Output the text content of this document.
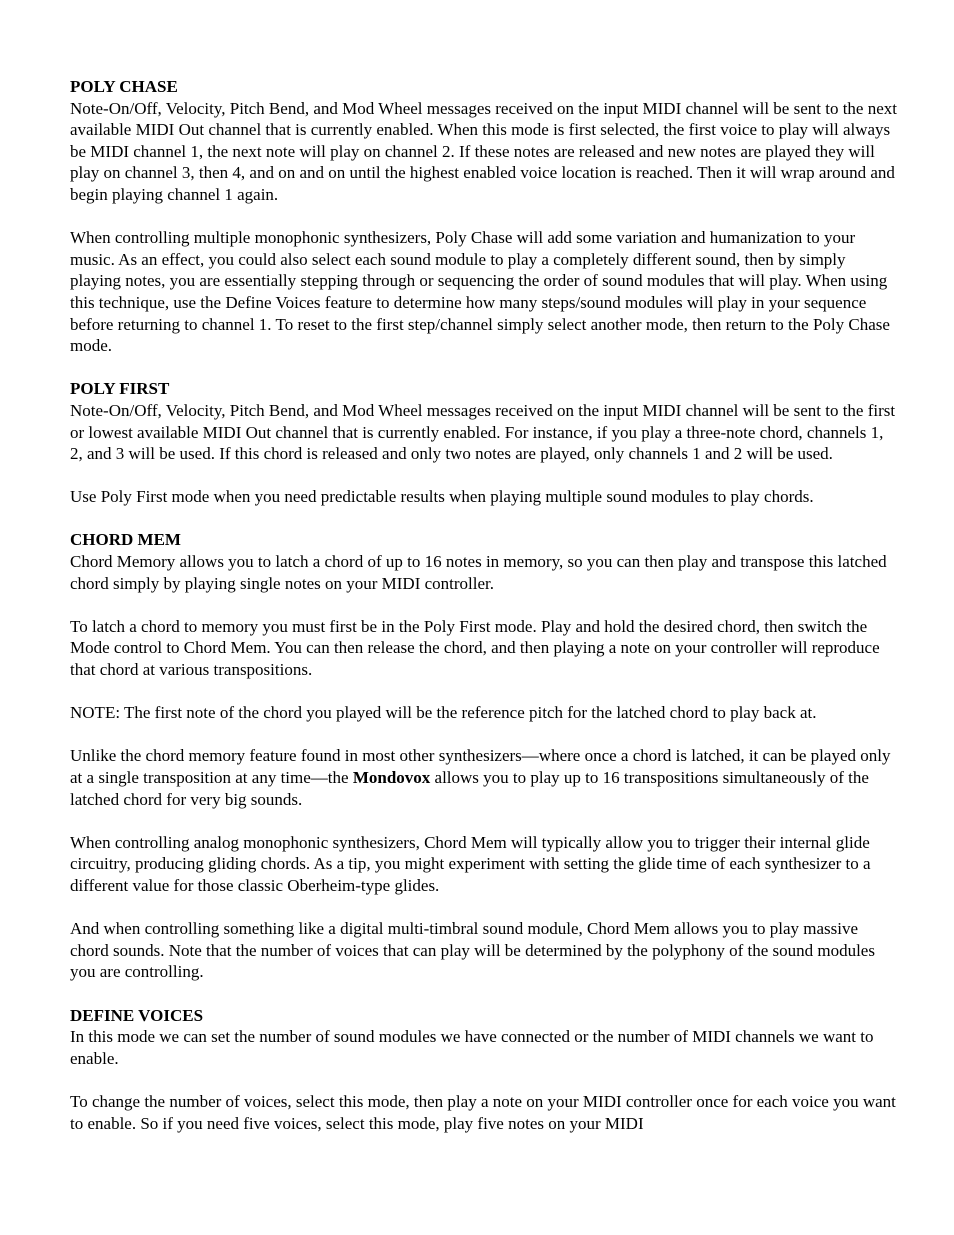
POLY CHASE

Note-On/Off, Velocity, Pitch Bend, and Mod Wheel messages received on the input MIDI channel will be sent to the next available MIDI Out channel that is currently enabled. When this mode is first selected, the first voice to play will always be MIDI channel 1, the next note will play on channel 2. If these notes are released and new notes are played they will play on channel 3, then 4, and on and on until the highest enabled voice location is reached. Then it will wrap around and begin playing channel 1 again.

When controlling multiple monophonic synthesizers, Poly Chase will add some variation and humanization to your music. As an effect, you could also select each sound module to play a completely different sound, then by simply playing notes, you are essentially stepping through or sequencing the order of sound modules that will play. When using this technique, use the Define Voices feature to determine how many steps/sound modules will play in your sequence before returning to channel 1. To reset to the first step/channel simply select another mode, then return to the Poly Chase mode.

POLY FIRST

Note-On/Off, Velocity, Pitch Bend, and Mod Wheel messages received on the input MIDI channel will be sent to the first or lowest available MIDI Out channel that is currently enabled. For instance, if you play a three-note chord, channels 1, 2, and 3 will be used. If this chord is released and only two notes are played, only channels 1 and 2 will be used.

Use Poly First mode when you need predictable results when playing multiple sound modules to play chords.

CHORD MEM

Chord Memory allows you to latch a chord of up to 16 notes in memory, so you can then play and transpose this latched chord simply by playing single notes on your MIDI controller.

To latch a chord to memory you must first be in the Poly First mode. Play and hold the desired chord, then switch the Mode control to Chord Mem. You can then release the chord, and then playing a note on your controller will reproduce that chord at various transpositions.

NOTE: The first note of the chord you played will be the reference pitch for the latched chord to play back at.

Unlike the chord memory feature found in most other synthesizers—where once a chord is latched, it can be played only at a single transposition at any time—the Mondovox allows you to play up to 16 transpositions simultaneously of the latched chord for very big sounds.

When controlling analog monophonic synthesizers, Chord Mem will typically allow you to trigger their internal glide circuitry, producing gliding chords. As a tip, you might experiment with setting the glide time of each synthesizer to a different value for those classic Oberheim-type glides.

And when controlling something like a digital multi-timbral sound module, Chord Mem allows you to play massive chord sounds. Note that the number of voices that can play will be determined by the polyphony of the sound modules you are controlling.

DEFINE VOICES

In this mode we can set the number of sound modules we have connected or the number of MIDI channels we want to enable.

To change the number of voices, select this mode, then play a note on your MIDI controller once for each voice you want to enable. So if you need five voices, select this mode, play five notes on your MIDI
